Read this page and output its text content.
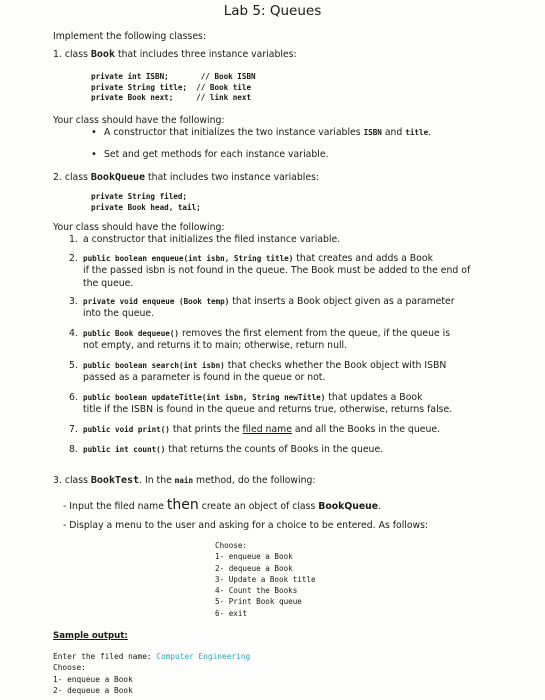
Lab 5: Queues
Implement the following classes:
1. class Book that includes three instance variables:
private int ISBN;       // Book ISBN
private String title;  // Book tile
private Book next;     // link next
Your class should have the following:
• A constructor that initializes the two instance variables ISBN and title.
• Set and get methods for each instance variable.
2. class BookQueue that includes two instance variables:
private String filed;
private Book head, tail;
Your class should have the following:
1. a constructor that initializes the filed instance variable.
2. public boolean enqueue(int isbn, String title) that creates and adds a Book
if the passed isbn is not found in the queue. The Book must be added to the end of
the queue.
3. private void enqueue (Book temp) that inserts a Book object given as a parameter
into the queue.
4. public Book dequeue() removes the first element from the queue, if the queue is
not empty, and returns it to main; otherwise, return null.
5. public boolean search(int isbn) that checks whether the Book object with ISBN
passed as a parameter is found in the queue or not.
6. public boolean updateTitle(int isbn, String newTitle) that updates a Book
title if the ISBN is found in the queue and returns true, otherwise, returns false.
7. public void print() that prints the filed name and all the Books in the queue.
8. public int count() that returns the counts of Books in the queue.
3. class BookTest. In the main method, do the following:
- Input the filed name then create an object of class BookQueue.
- Display a menu to the user and asking for a choice to be entered. As follows:
Choose:
1- enqueue a Book
2- dequeue a Book
3- Update a Book title
4- Count the Books
5- Print Book queue
6- exit
Sample output:
Enter the filed name: Computer Engineering
Choose:
1- enqueue a Book
2- dequeue a Book
